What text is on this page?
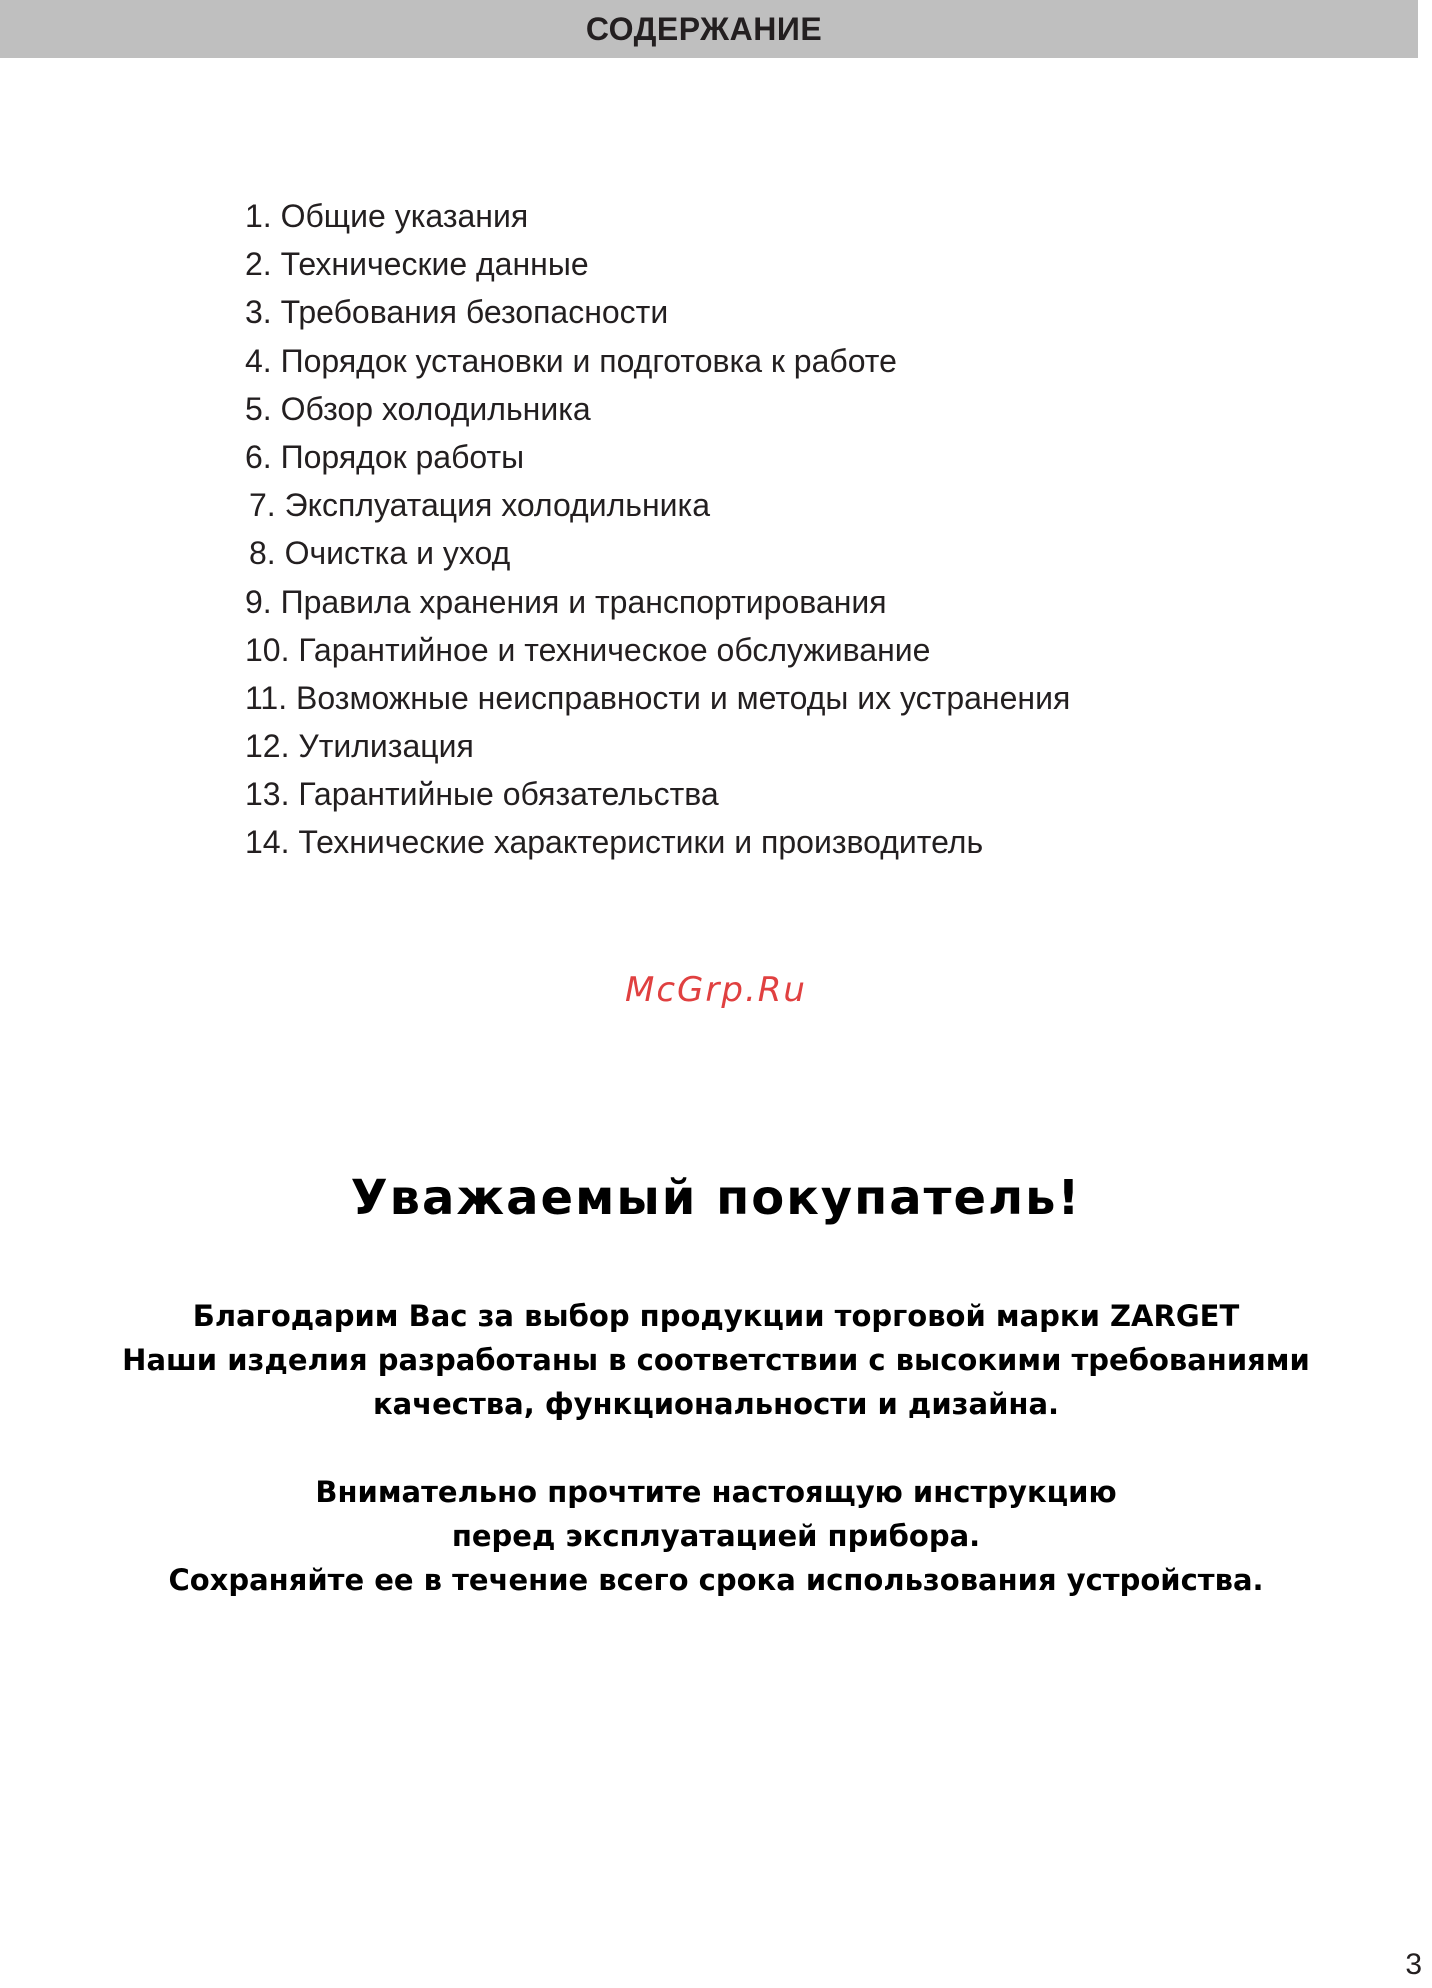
СОДЕРЖАНИЕ
1. Общие указания
2. Технические данные
3. Требования безопасности
4. Порядок установки и подготовка к работе
5. Обзор холодильника
6. Порядок работы
7. Эксплуатация холодильника
8. Очистка и уход
9. Правила хранения и транспортирования
10. Гарантийное и техническое обслуживание
11. Возможные неисправности и методы их устранения
12. Утилизация
13. Гарантийные обязательства
14. Технические характеристики и производитель
McGrp.Ru
Уважаемый покупатель!
Благодарим Вас за выбор продукции торговой марки ZARGET
Наши изделия разработаны в соответствии с высокими требованиями
качества, функциональности и дизайна.
Внимательно прочтите настоящую инструкцию
перед эксплуатацией прибора.
Сохраняйте ее в течение всего срока использования устройства.
3
